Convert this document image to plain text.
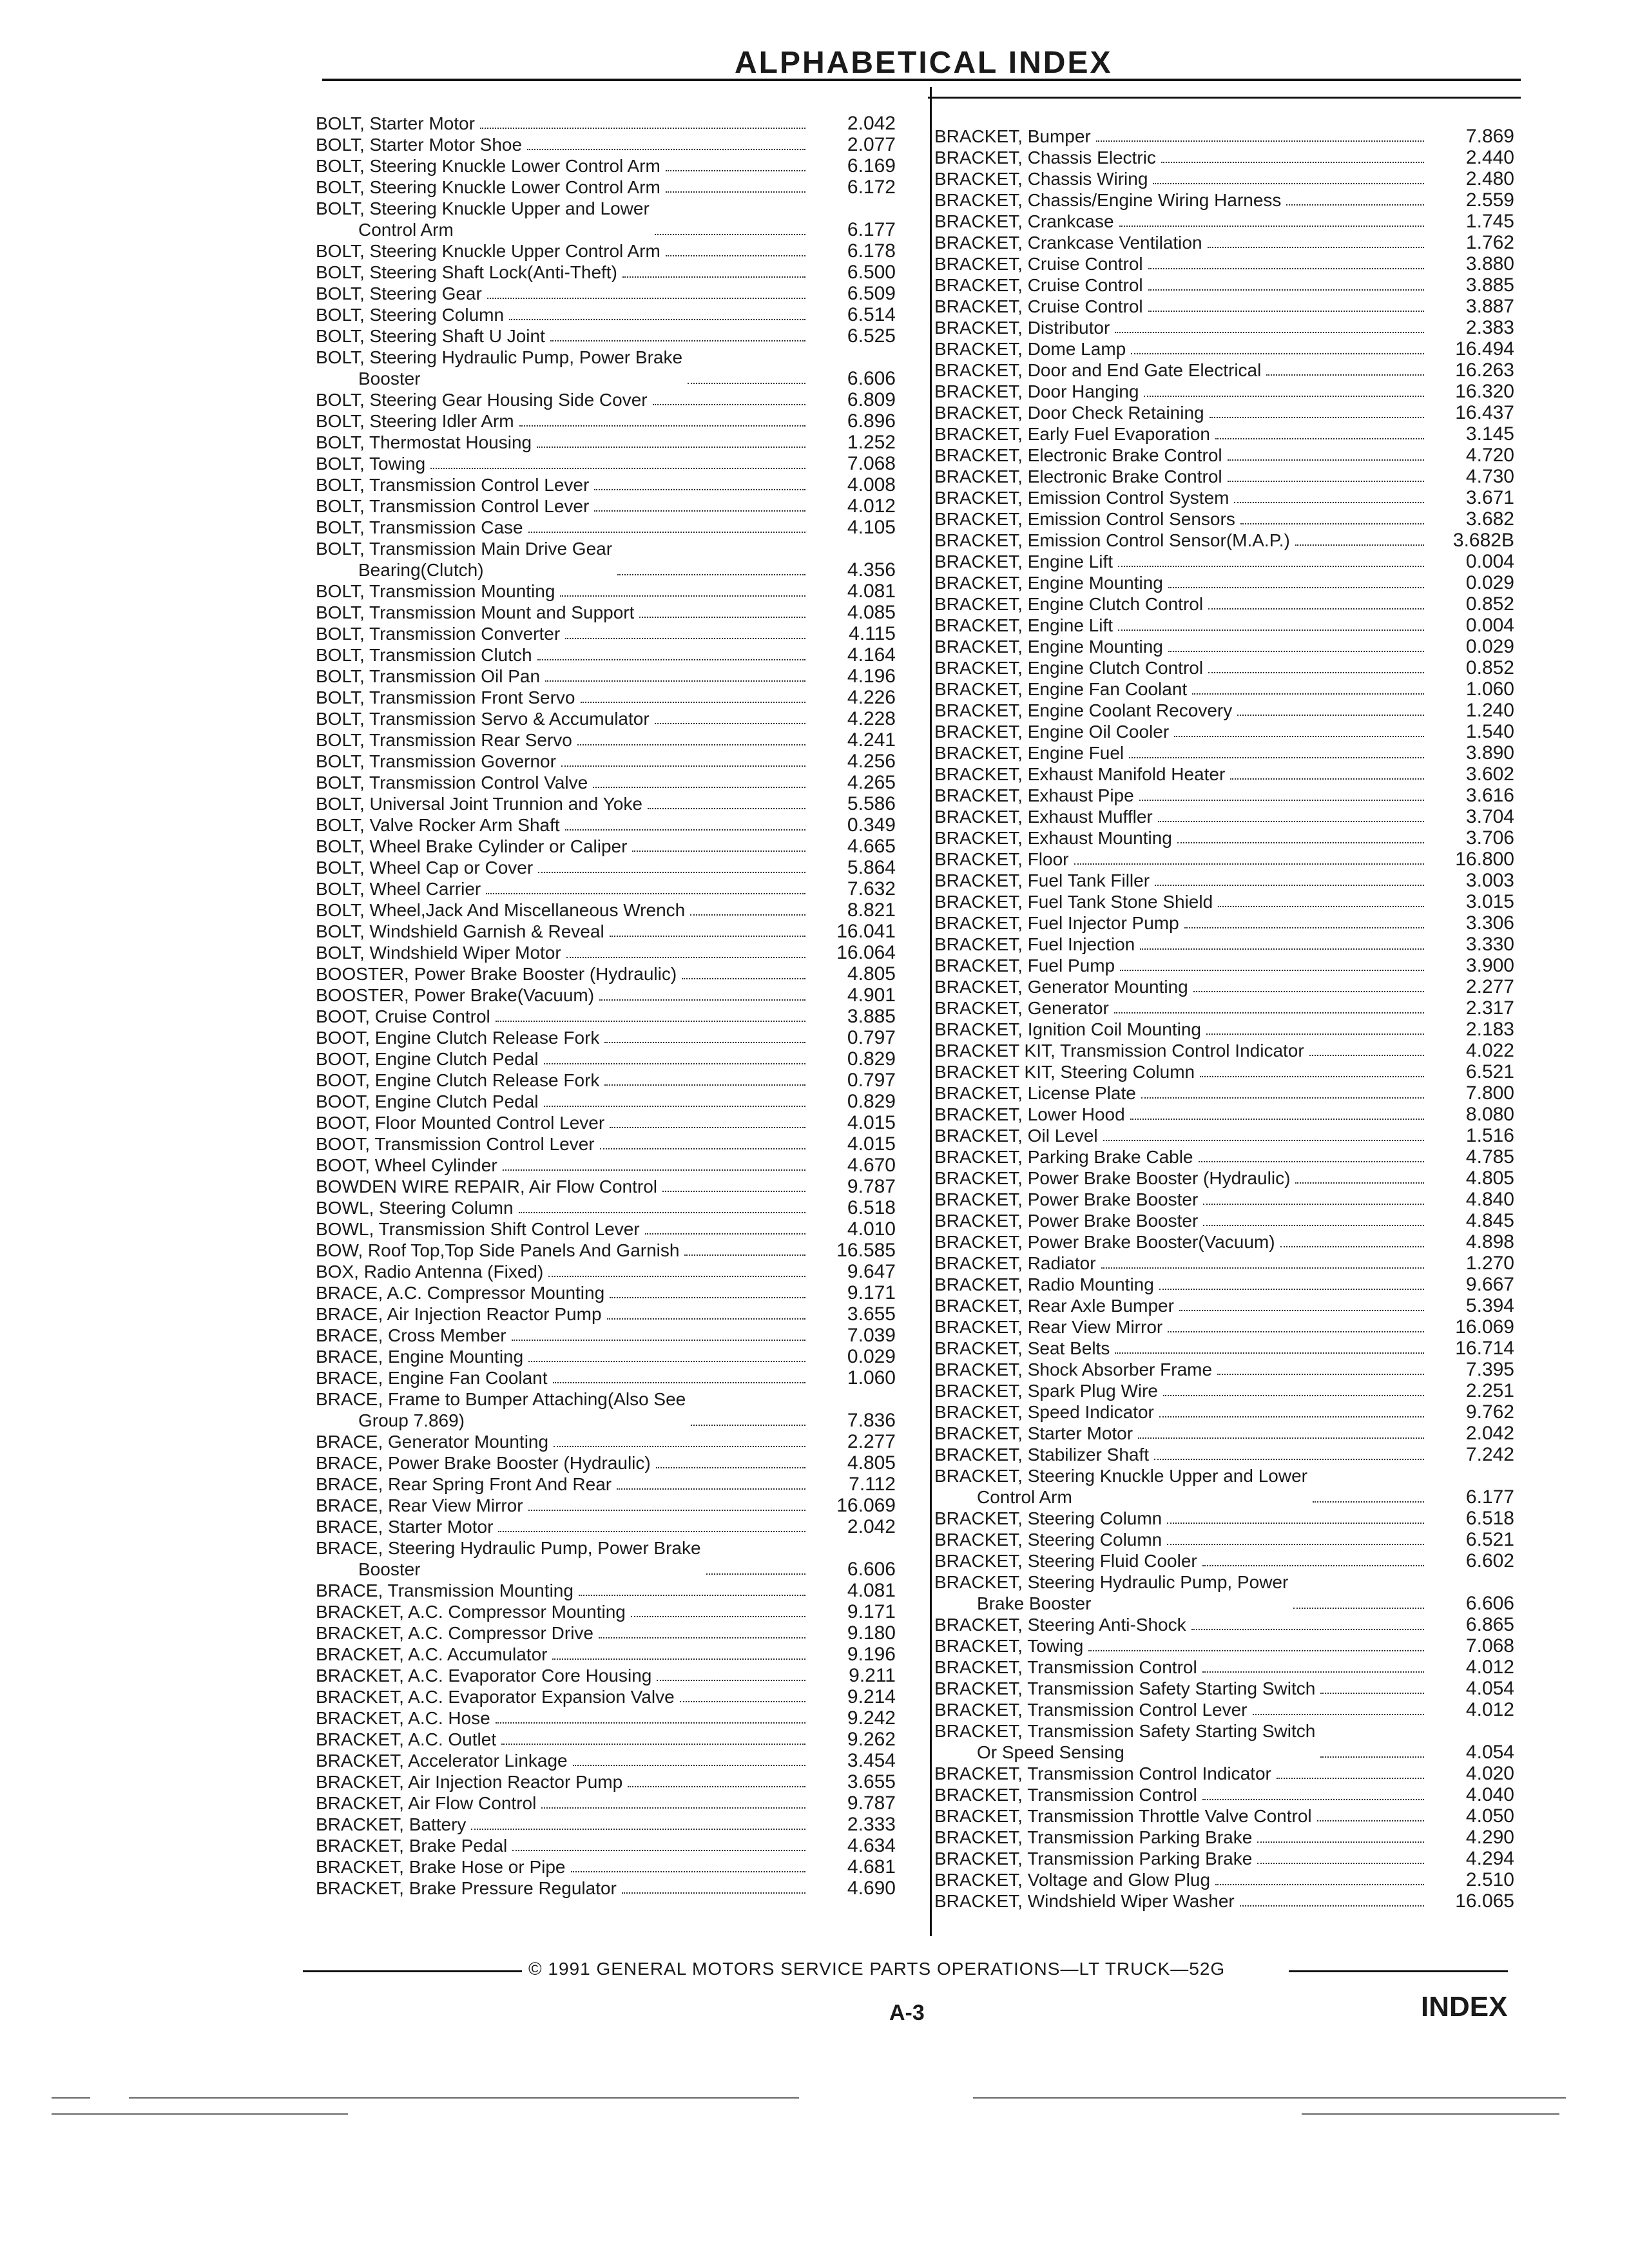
ALPHABETICAL INDEX
BOLT, Starter Motor	2.042
BOLT, Starter Motor Shoe	2.077
BOLT, Steering Knuckle Lower Control Arm	6.169
BOLT, Steering Knuckle Lower Control Arm	6.172
BOLT, Steering Knuckle Upper and Lower
Control Arm	6.177
BOLT, Steering Knuckle Upper Control Arm	6.178
BOLT, Steering Shaft Lock(Anti-Theft)	6.500
BOLT, Steering Gear	6.509
BOLT, Steering Column	6.514
BOLT, Steering Shaft U Joint	6.525
BOLT, Steering Hydraulic Pump, Power Brake
Booster	6.606
BOLT, Steering Gear Housing Side Cover	6.809
BOLT, Steering Idler Arm	6.896
BOLT, Thermostat Housing	1.252
BOLT, Towing	7.068
BOLT, Transmission Control Lever	4.008
BOLT, Transmission Control Lever	4.012
BOLT, Transmission Case	4.105
BOLT, Transmission Main Drive Gear
Bearing(Clutch)	4.356
BOLT, Transmission Mounting	4.081
BOLT, Transmission Mount and Support	4.085
BOLT, Transmission Converter	4.115
BOLT, Transmission Clutch	4.164
BOLT, Transmission Oil Pan	4.196
BOLT, Transmission Front Servo	4.226
BOLT, Transmission Servo & Accumulator	4.228
BOLT, Transmission Rear Servo	4.241
BOLT, Transmission Governor	4.256
BOLT, Transmission Control Valve	4.265
BOLT, Universal Joint Trunnion and Yoke	5.586
BOLT, Valve Rocker Arm Shaft	0.349
BOLT, Wheel Brake Cylinder or Caliper	4.665
BOLT, Wheel Cap or Cover	5.864
BOLT, Wheel Carrier	7.632
BOLT, Wheel,Jack And Miscellaneous Wrench	8.821
BOLT, Windshield Garnish & Reveal	16.041
BOLT, Windshield Wiper Motor	16.064
BOOSTER, Power Brake Booster (Hydraulic)	4.805
BOOSTER, Power Brake(Vacuum)	4.901
BOOT, Cruise Control	3.885
BOOT, Engine Clutch Release Fork	0.797
BOOT, Engine Clutch Pedal	0.829
BOOT, Engine Clutch Release Fork	0.797
BOOT, Engine Clutch Pedal	0.829
BOOT, Floor Mounted Control Lever	4.015
BOOT, Transmission Control Lever	4.015
BOOT, Wheel Cylinder	4.670
BOWDEN WIRE REPAIR, Air Flow Control	9.787
BOWL, Steering Column	6.518
BOWL, Transmission Shift Control Lever	4.010
BOW, Roof Top,Top Side Panels And Garnish	16.585
BOX, Radio Antenna (Fixed)	9.647
BRACE, A.C. Compressor Mounting	9.171
BRACE, Air Injection Reactor Pump	3.655
BRACE, Cross Member	7.039
BRACE, Engine Mounting	0.029
BRACE, Engine Fan Coolant	1.060
BRACE, Frame to Bumper Attaching(Also See
Group 7.869)	7.836
BRACE, Generator Mounting	2.277
BRACE, Power Brake Booster (Hydraulic)	4.805
BRACE, Rear Spring Front And Rear	7.112
BRACE, Rear View Mirror	16.069
BRACE, Starter Motor	2.042
BRACE, Steering Hydraulic Pump, Power Brake
Booster	6.606
BRACE, Transmission Mounting	4.081
BRACKET, A.C. Compressor Mounting	9.171
BRACKET, A.C. Compressor Drive	9.180
BRACKET, A.C. Accumulator	9.196
BRACKET, A.C. Evaporator Core Housing	9.211
BRACKET, A.C. Evaporator Expansion Valve	9.214
BRACKET, A.C. Hose	9.242
BRACKET, A.C. Outlet	9.262
BRACKET, Accelerator Linkage	3.454
BRACKET, Air Injection Reactor Pump	3.655
BRACKET, Air Flow Control	9.787
BRACKET, Battery	2.333
BRACKET, Brake Pedal	4.634
BRACKET, Brake Hose or Pipe	4.681
BRACKET, Brake Pressure Regulator	4.690
BRACKET, Bumper	7.869
BRACKET, Chassis Electric	2.440
BRACKET, Chassis Wiring	2.480
BRACKET, Chassis/Engine Wiring Harness	2.559
BRACKET, Crankcase	1.745
BRACKET, Crankcase Ventilation	1.762
BRACKET, Cruise Control	3.880
BRACKET, Cruise Control	3.885
BRACKET, Cruise Control	3.887
BRACKET, Distributor	2.383
BRACKET, Dome Lamp	16.494
BRACKET, Door and End Gate Electrical	16.263
BRACKET, Door Hanging	16.320
BRACKET, Door Check Retaining	16.437
BRACKET, Early Fuel Evaporation	3.145
BRACKET, Electronic Brake Control	4.720
BRACKET, Electronic Brake Control	4.730
BRACKET, Emission Control System	3.671
BRACKET, Emission Control Sensors	3.682
BRACKET, Emission Control Sensor(M.A.P.)	3.682B
BRACKET, Engine Lift	0.004
BRACKET, Engine Mounting	0.029
BRACKET, Engine Clutch Control	0.852
BRACKET, Engine Lift	0.004
BRACKET, Engine Mounting	0.029
BRACKET, Engine Clutch Control	0.852
BRACKET, Engine Fan Coolant	1.060
BRACKET, Engine Coolant Recovery	1.240
BRACKET, Engine Oil Cooler	1.540
BRACKET, Engine Fuel	3.890
BRACKET, Exhaust Manifold Heater	3.602
BRACKET, Exhaust Pipe	3.616
BRACKET, Exhaust Muffler	3.704
BRACKET, Exhaust Mounting	3.706
BRACKET, Floor	16.800
BRACKET, Fuel Tank Filler	3.003
BRACKET, Fuel Tank Stone Shield	3.015
BRACKET, Fuel Injector Pump	3.306
BRACKET, Fuel Injection	3.330
BRACKET, Fuel Pump	3.900
BRACKET, Generator Mounting	2.277
BRACKET, Generator	2.317
BRACKET, Ignition Coil Mounting	2.183
BRACKET KIT, Transmission Control Indicator	4.022
BRACKET KIT, Steering Column	6.521
BRACKET, License Plate	7.800
BRACKET, Lower Hood	8.080
BRACKET, Oil Level	1.516
BRACKET, Parking Brake Cable	4.785
BRACKET, Power Brake Booster (Hydraulic)	4.805
BRACKET, Power Brake Booster	4.840
BRACKET, Power Brake Booster	4.845
BRACKET, Power Brake Booster(Vacuum)	4.898
BRACKET, Radiator	1.270
BRACKET, Radio Mounting	9.667
BRACKET, Rear Axle Bumper	5.394
BRACKET, Rear View Mirror	16.069
BRACKET, Seat Belts	16.714
BRACKET, Shock Absorber Frame	7.395
BRACKET, Spark Plug Wire	2.251
BRACKET, Speed Indicator	9.762
BRACKET, Starter Motor	2.042
BRACKET, Stabilizer Shaft	7.242
BRACKET, Steering Knuckle Upper and Lower
Control Arm	6.177
BRACKET, Steering Column	6.518
BRACKET, Steering Column	6.521
BRACKET, Steering Fluid Cooler	6.602
BRACKET, Steering Hydraulic Pump, Power
Brake Booster	6.606
BRACKET, Steering Anti-Shock	6.865
BRACKET, Towing	7.068
BRACKET, Transmission Control	4.012
BRACKET, Transmission Safety Starting Switch	4.054
BRACKET, Transmission Control Lever	4.012
BRACKET, Transmission Safety Starting Switch
Or Speed Sensing	4.054
BRACKET, Transmission Control Indicator	4.020
BRACKET, Transmission Control	4.040
BRACKET, Transmission Throttle Valve Control	4.050
BRACKET, Transmission Parking Brake	4.290
BRACKET, Transmission Parking Brake	4.294
BRACKET, Voltage and Glow Plug	2.510
BRACKET, Windshield Wiper Washer	16.065
© 1991 GENERAL MOTORS SERVICE PARTS OPERATIONS—LT TRUCK—52G
A-3	INDEX
